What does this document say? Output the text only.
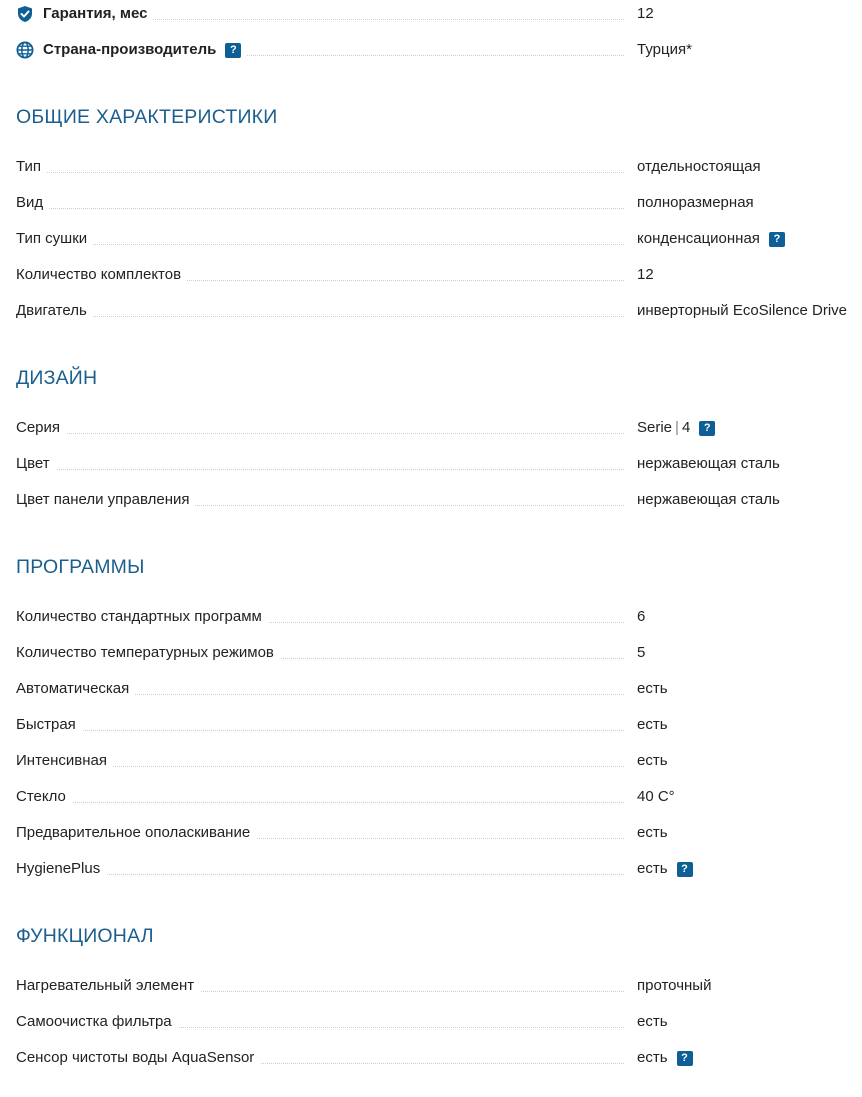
Гарантия, мес	12
Страна-производитель	?	Турция*
ОБЩИЕ ХАРАКТЕРИСТИКИ
Тип	отдельностоящая
Вид	полноразмерная
Тип сушки	конденсационная	?
Количество комплектов	12
Двигатель	инверторный EcoSilence Drive
ДИЗАЙН
Серия	Serie | 4	?
Цвет	нержавеющая сталь
Цвет панели управления	нержавеющая сталь
ПРОГРАММЫ
Количество стандартных программ	6
Количество температурных режимов	5
Автоматическая	есть
Быстрая	есть
Интенсивная	есть
Стекло	40 С°
Предварительное ополаскивание	есть
HygienePlus	есть	?
ФУНКЦИОНАЛ
Нагревательный элемент	проточный
Самоочистка фильтра	есть
Сенсор чистоты воды AquaSensor	есть	?
